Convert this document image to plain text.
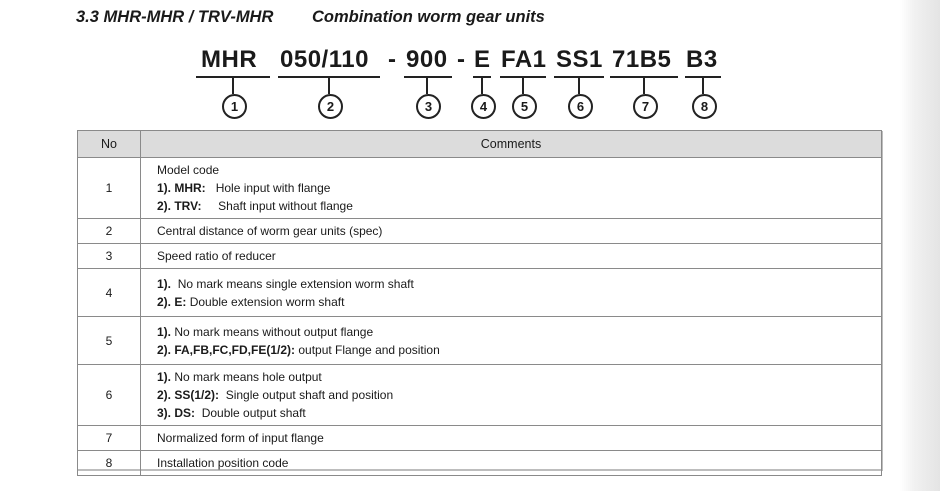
3.3 MHR-MHR / TRV-MHR Combination worm gear units
MHR 050/110 - 900 - E FA1 SS1 71B5 B3
1	2	3	4	5	6	7	8
No	Comments
1	Model code
1). MHR: Hole input with flange
2). TRV: Shaft input without flange

2	Central distance of worm gear units (spec)

3	Speed ratio of reducer

4	1). No mark means single extension worm shaft
2). E: Double extension worm shaft

5	1). No mark means without output flange
2). FA,FB,FC,FD,FE(1/2): output Flange and position

6	1). No mark means hole output
2). SS(1/2): Single output shaft and position
3). DS: Double output shaft

7	Normalized form of input flange

8	Installation position code
